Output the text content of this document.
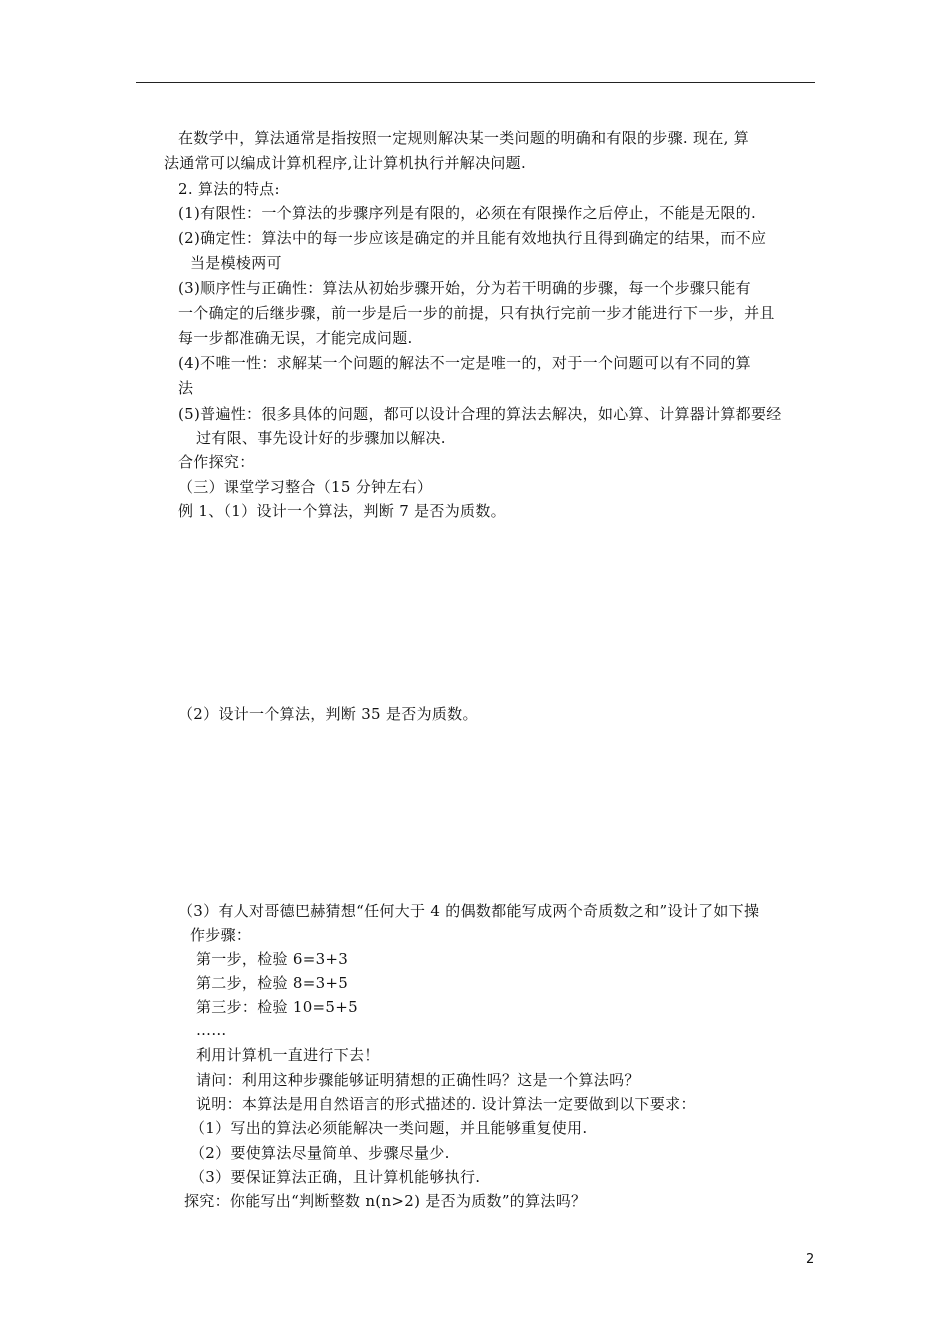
在数学中，算法通常是指按照一定规则解决某一类问题的明确和有限的步骤. 现在, 算
法通常可以编成计算机程序,让计算机执行并解决问题.
2. 算法的特点:
(1)有限性：一个算法的步骤序列是有限的，必须在有限操作之后停止，不能是无限的.
(2)确定性：算法中的每一步应该是确定的并且能有效地执行且得到确定的结果，而不应
当是模棱两可
(3)顺序性与正确性：算法从初始步骤开始，分为若干明确的步骤，每一个步骤只能有
一个确定的后继步骤，前一步是后一步的前提，只有执行完前一步才能进行下一步，并且
每一步都准确无误，才能完成问题.
(4)不唯一性：求解某一个问题的解法不一定是唯一的，对于一个问题可以有不同的算
法
(5)普遍性：很多具体的问题，都可以设计合理的算法去解决，如心算、计算器计算都要经
过有限、事先设计好的步骤加以解决.
合作探究：
（三）课堂学习整合（15 分钟左右）
例 1、（1）设计一个算法，判断 7 是否为质数。
（2）设计一个算法，判断 35 是否为质数。
（3）有人对哥德巴赫猜想“任何大于 4 的偶数都能写成两个奇质数之和”设计了如下操
作步骤：
第一步，检验 6=3+3
第二步，检验 8=3+5
第三步：检验 10=5+5
……
利用计算机一直进行下去！
请问：利用这种步骤能够证明猜想的正确性吗？这是一个算法吗？
说明：本算法是用自然语言的形式描述的. 设计算法一定要做到以下要求：
（1）写出的算法必须能解决一类问题，并且能够重复使用.
（2）要使算法尽量简单、步骤尽量少.
（3）要保证算法正确，且计算机能够执行.
探究：你能写出“判断整数 n(n>2) 是否为质数”的算法吗？
2
